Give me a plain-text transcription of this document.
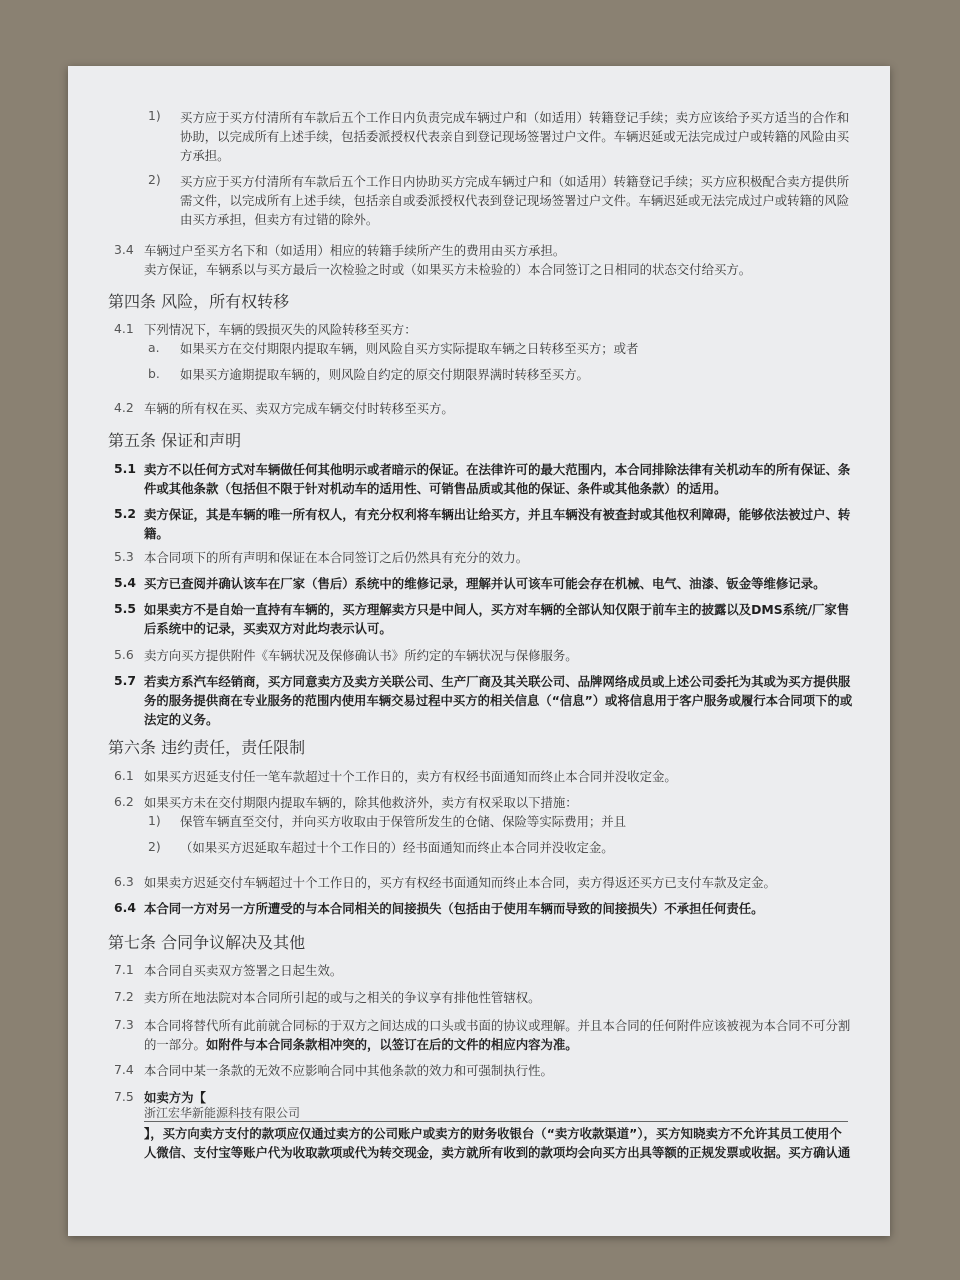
1) 买方应于买方付清所有车款后五个工作日内负责完成车辆过户和（如适用）转籍登记手续；卖方应该给予买方适当的合作和
协助，以完成所有上述手续，包括委派授权代表亲自到登记现场签署过户文件。车辆迟延或无法完成过户或转籍的风险由买
方承担。
2) 买方应于买方付清所有车款后五个工作日内协助买方完成车辆过户和（如适用）转籍登记手续；买方应积极配合卖方提供所
需文件，以完成所有上述手续，包括亲自或委派授权代表到登记现场签署过户文件。车辆迟延或无法完成过户或转籍的风险
由买方承担，但卖方有过错的除外。
3.4 车辆过户至买方名下和（如适用）相应的转籍手续所产生的费用由买方承担。
卖方保证，车辆系以与买方最后一次检验之时或（如果买方未检验的）本合同签订之日相同的状态交付给买方。
第四条 风险，所有权转移
4.1 下列情况下，车辆的毁损灭失的风险转移至买方：
a. 如果买方在交付期限内提取车辆，则风险自买方实际提取车辆之日转移至买方；或者
b. 如果买方逾期提取车辆的，则风险自约定的原交付期限界满时转移至买方。
4.2 车辆的所有权在买、卖双方完成车辆交付时转移至买方。
第五条 保证和声明
5.1 卖方不以任何方式对车辆做任何其他明示或者暗示的保证。在法律许可的最大范围内，本合同排除法律有关机动车的所有保证、条
件或其他条款（包括但不限于针对机动车的适用性、可销售品质或其他的保证、条件或其他条款）的适用。
5.2 卖方保证，其是车辆的唯一所有权人，有充分权利将车辆出让给买方，并且车辆没有被查封或其他权利障碍，能够依法被过户、转
籍。
5.3 本合同项下的所有声明和保证在本合同签订之后仍然具有充分的效力。
5.4 买方已查阅并确认该车在厂家（售后）系统中的维修记录，理解并认可该车可能会存在机械、电气、油漆、钣金等维修记录。
5.5 如果卖方不是自始一直持有车辆的，买方理解卖方只是中间人，买方对车辆的全部认知仅限于前车主的披露以及DMS系统/厂家售
后系统中的记录，买卖双方对此均表示认可。
5.6 卖方向买方提供附件《车辆状况及保修确认书》所约定的车辆状况与保修服务。
5.7 若卖方系汽车经销商，买方同意卖方及卖方关联公司、生产厂商及其关联公司、品牌网络成员或上述公司委托为其或为买方提供服
务的服务提供商在专业服务的范围内使用车辆交易过程中买方的相关信息（“信息”）或将信息用于客户服务或履行本合同项下的或
法定的义务。
第六条 违约责任，责任限制
6.1 如果买方迟延支付任一笔车款超过十个工作日的，卖方有权经书面通知而终止本合同并没收定金。
6.2 如果买方未在交付期限内提取车辆的，除其他救济外，卖方有权采取以下措施：
1) 保管车辆直至交付，并向买方收取由于保管所发生的仓储、保险等实际费用；并且
2) （如果买方迟延取车超过十个工作日的）经书面通知而终止本合同并没收定金。
6.3 如果卖方迟延交付车辆超过十个工作日的，买方有权经书面通知而终止本合同，卖方得返还买方已支付车款及定金。
6.4 本合同一方对另一方所遭受的与本合同相关的间接损失（包括由于使用车辆而导致的间接损失）不承担任何责任。
第七条 合同争议解决及其他
7.1 本合同自买卖双方签署之日起生效。
7.2 卖方所在地法院对本合同所引起的或与之相关的争议享有排他性管辖权。
7.3 本合同将替代所有此前就合同标的于双方之间达成的口头或书面的协议或理解。并且本合同的任何附件应该被视为本合同不可分割
的一部分。如附件与本合同条款相冲突的，以签订在后的文件的相应内容为准。
7.4 本合同中某一条款的无效不应影响合同中其他条款的效力和可强制执行性。
7.5 如卖方为【
浙江宏华新能源科技有限公司
】，买方向卖方支付的款项应仅通过卖方的公司账户或卖方的财务收银台（“卖方收款渠道”），买方知晓卖方不允许其员工使用个
人微信、支付宝等账户代为收取款项或代为转交现金，卖方就所有收到的款项均会向买方出具等额的正规发票或收据。买方确认通
